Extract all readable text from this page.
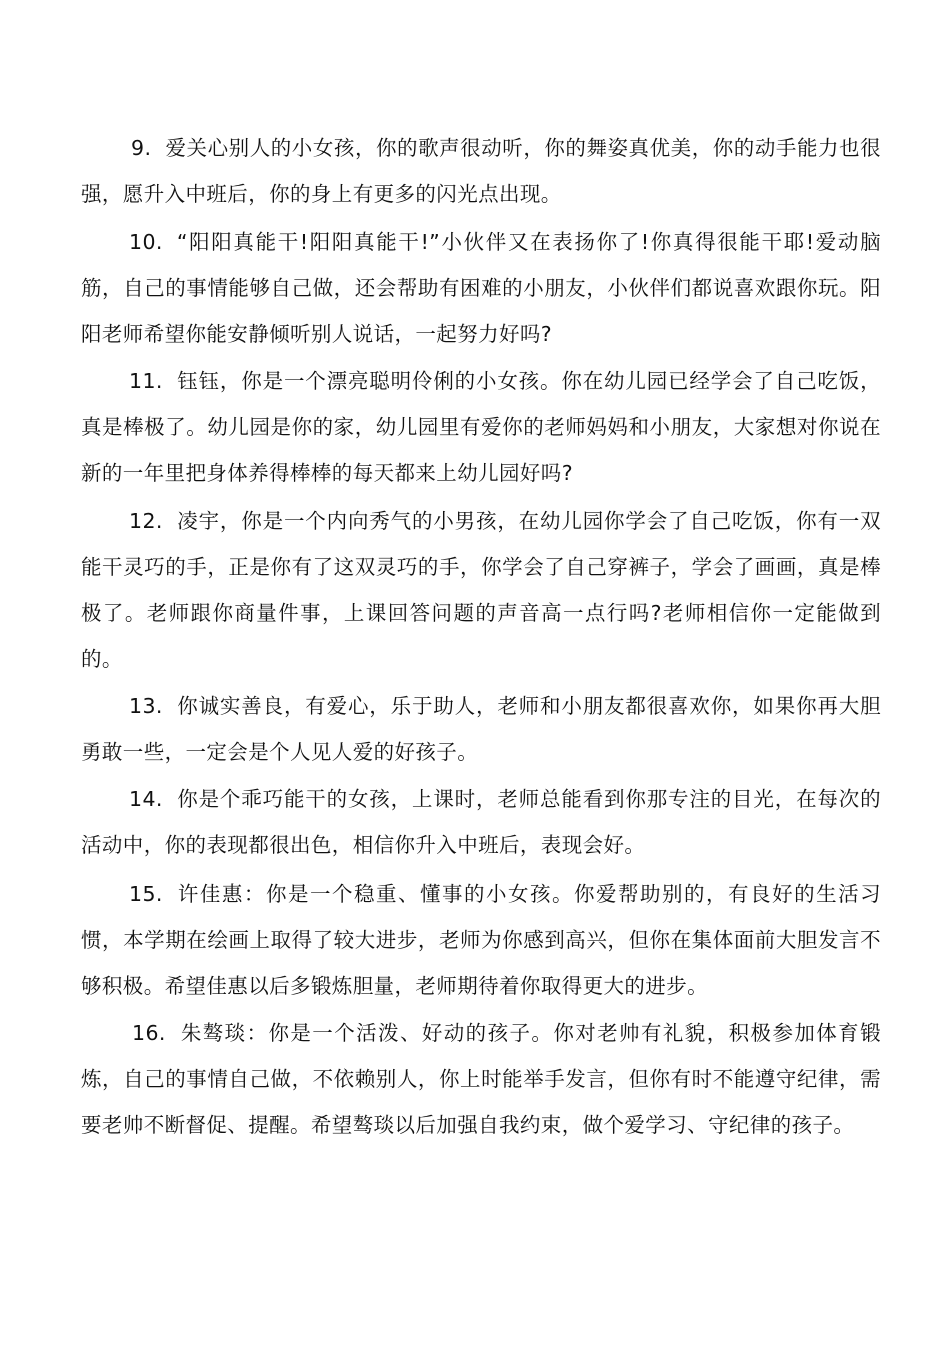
9. 爱关心别人的小女孩，你的歌声很动听，你的舞姿真优美，你的动手能力也很强，愿升入中班后，你的身上有更多的闪光点出现。

10. “阳阳真能干!阳阳真能干!”小伙伴又在表扬你了!你真得很能干耶!爱动脑筋，自己的事情能够自己做，还会帮助有困难的小朋友，小伙伴们都说喜欢跟你玩。阳阳老师希望你能安静倾听别人说话，一起努力好吗?

11. 钰钰，你是一个漂亮聪明伶俐的小女孩。你在幼儿园已经学会了自己吃饭，真是棒极了。幼儿园是你的家，幼儿园里有爱你的老师妈妈和小朋友，大家想对你说在新的一年里把身体养得棒棒的每天都来上幼儿园好吗?

12. 凌宇，你是一个内向秀气的小男孩，在幼儿园你学会了自己吃饭，你有一双能干灵巧的手，正是你有了这双灵巧的手，你学会了自己穿裤子，学会了画画，真是棒极了。老师跟你商量件事，上课回答问题的声音高一点行吗?老师相信你一定能做到的。

13. 你诚实善良，有爱心，乐于助人，老师和小朋友都很喜欢你，如果你再大胆勇敢一些，一定会是个人见人爱的好孩子。

14. 你是个乖巧能干的女孩，上课时，老师总能看到你那专注的目光，在每次的活动中，你的表现都很出色，相信你升入中班后，表现会好。

15. 许佳惠：你是一个稳重、懂事的小女孩。你爱帮助别的，有良好的生活习惯，本学期在绘画上取得了较大进步，老师为你感到高兴，但你在集体面前大胆发言不够积极。希望佳惠以后多锻炼胆量，老师期待着你取得更大的进步。

16. 朱骜琰：你是一个活泼、好动的孩子。你对老帅有礼貌，积极参加体育锻炼，自己的事情自己做，不依赖别人，你上时能举手发言，但你有时不能遵守纪律，需要老帅不断督促、提醒。希望骜琰以后加强自我约束，做个爱学习、守纪律的孩子。
